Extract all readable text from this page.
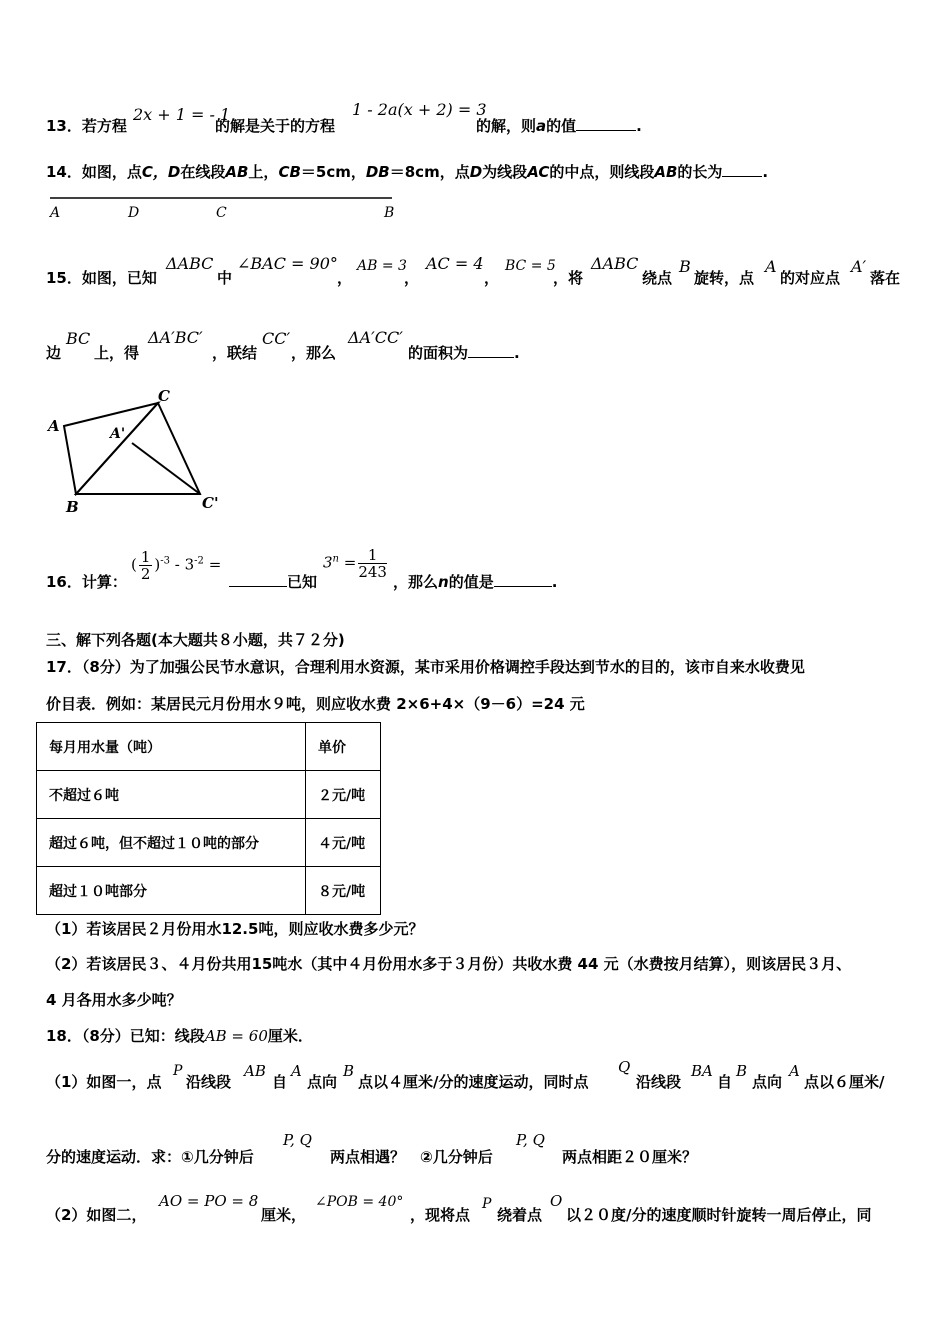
13．若方程
2x + 1 = - 1
的解是关于的方程
1 - 2a(x + 2) = 3
的解，则a的值	.
14．如图，点C，D在线段AB上，CB＝5cm，DB＝8cm，点D为线段AC的中点，则线段AB的长为	.
A	D	C	B
15．如图，已知
ΔABC
中
∠BAC = 90°
，
AB = 3
，
AC = 4
，
BC = 5
，将
ΔABC
绕点
B
旋转，点
A
的对应点
A′
落在
边
BC
上，得
ΔA′BC′
，联结
CC′
，那么
ΔA′CC′
的面积为	.
A
C
A'
B	C'
16．计算：
( $\frac{1}{2} )^{-3} - 3^{-2}$ =
已知
$3^n = \frac{1}{243}$
，那么n的值是	.
三、解下列各题(本大题共８小题，共７２分)
17．（8分）为了加强公民节水意识，合理利用水资源，某市采用价格调控手段达到节水的目的，该市自来水收费见
价目表．例如：某居民元月份用水９吨，则应收水费 2×6+4×（9－6）=24 元
每月用水量（吨）	单价
不超过６吨	２元/吨
超过６吨，但不超过１０吨的部分	４元/吨
超过１０吨部分	８元/吨
（1）若该居民２月份用水12.5吨，则应收水费多少元？
（2）若该居民３、４月份共用15吨水（其中４月份用水多于３月份）共收水费 44 元（水费按月结算），则该居民３月、
4 月各用水多少吨？
18．（8分）已知：线段AB = 60厘米．
（1）如图一，点
P
沿线段
AB
自
A
点向
B
点以４厘米/分的速度运动，同时点
Q
沿线段
BA
自
B
点向
A
点以６厘米/
分的速度运动．求：①几分钟后
P, Q
两点相遇？　②几分钟后
P, Q
两点相距２０厘米？
（2）如图二，
AO = PO = 8
厘米，
∠POB = 40°
，现将点
P
绕着点
O
以２０度/分的速度顺时针旋转一周后停止，同
